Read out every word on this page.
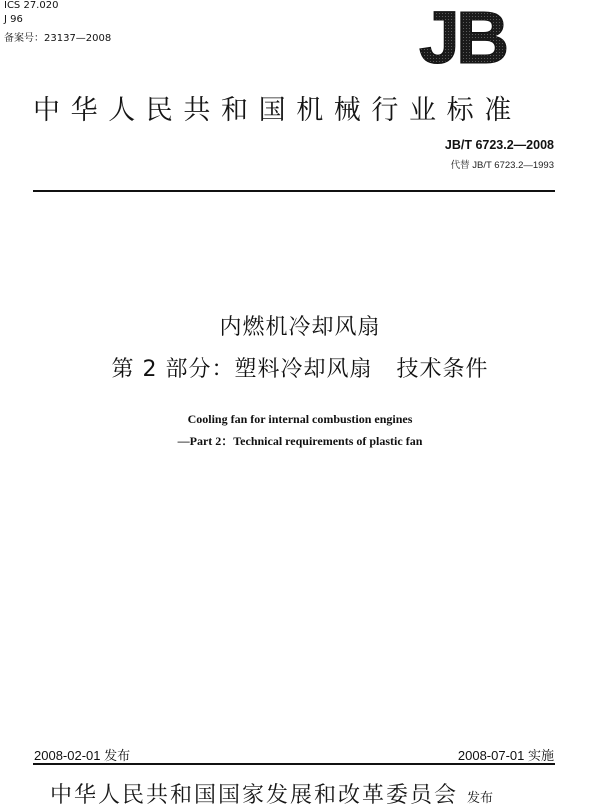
ICS 27.020
J 96
备案号：23137—2008	JB
中华人民共和国机械行业标准
JB/T 6723.2—2008
代替 JB/T 6723.2—1993
内燃机冷却风扇
第 2 部分：塑料冷却风扇   技术条件
Cooling fan for internal combustion engines
—Part 2：Technical requirements of plastic fan
2008-02-01 发布	2008-07-01 实施
中华人民共和国国家发展和改革委员会 发布
